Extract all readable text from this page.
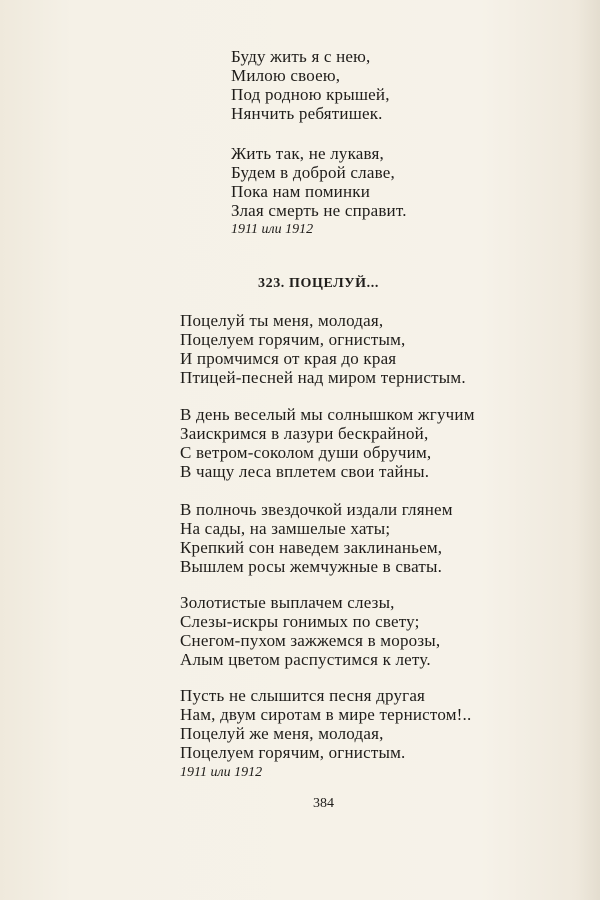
Буду жить я с нею,
Милою своею,
Под родною крышей,
Нянчить ребятишек.
Жить так, не лукавя,
Будем в доброй славе,
Пока нам поминки
Злая смерть не справит.
1911 или 1912
323. ПОЦЕЛУЙ...
Поцелуй ты меня, молодая,
Поцелуем горячим, огнистым,
И промчимся от края до края
Птицей-песней над миром тернистым.
В день веселый мы солнышком жгучим
Заискримся в лазури бескрайной,
С ветром-соколом души обручим,
В чащу леса вплетем свои тайны.
В полночь звездочкой издали глянем
На сады, на замшелые хаты;
Крепкий сон наведем заклинаньем,
Вышлем росы жемчужные в сваты.
Золотистые выплачем слезы,
Слезы-искры гонимых по свету;
Снегом-пухом зажжемся в морозы,
Алым цветом распустимся к лету.
Пусть не слышится песня другая
Нам, двум сиротам в мире тернистом!..
Поцелуй же меня, молодая,
Поцелуем горячим, огнистым.
1911 или 1912
384
